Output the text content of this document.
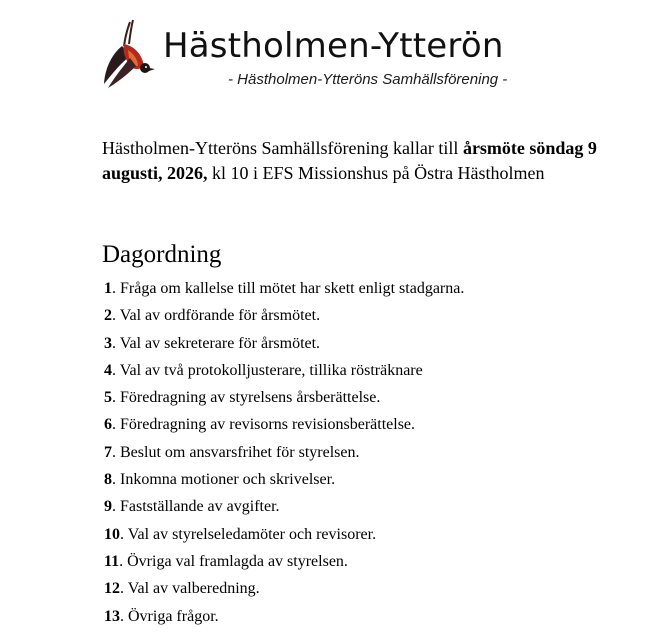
Hästholmen-Ytterön
- Hästholmen-Ytteröns Samhällsförening -
Hästholmen-Ytteröns Samhällsförening kallar till årsmöte söndag 9 augusti, 2026, kl 10 i EFS Missionshus på Östra Hästholmen
Dagordning
1. Fråga om kallelse till mötet har skett enligt stadgarna.
2. Val av ordförande för årsmötet.
3. Val av sekreterare för årsmötet.
4. Val av två protokolljusterare, tillika rösträknare
5. Föredragning av styrelsens årsberättelse.
6. Föredragning av revisorns revisionsberättelse.
7. Beslut om ansvarsfrihet för styrelsen.
8. Inkomna motioner och skrivelser.
9. Fastställande av avgifter.
10. Val av styrelseledamöter och revisorer.
11. Övriga val framlagda av styrelsen.
12. Val av valberedning.
13. Övriga frågor.
